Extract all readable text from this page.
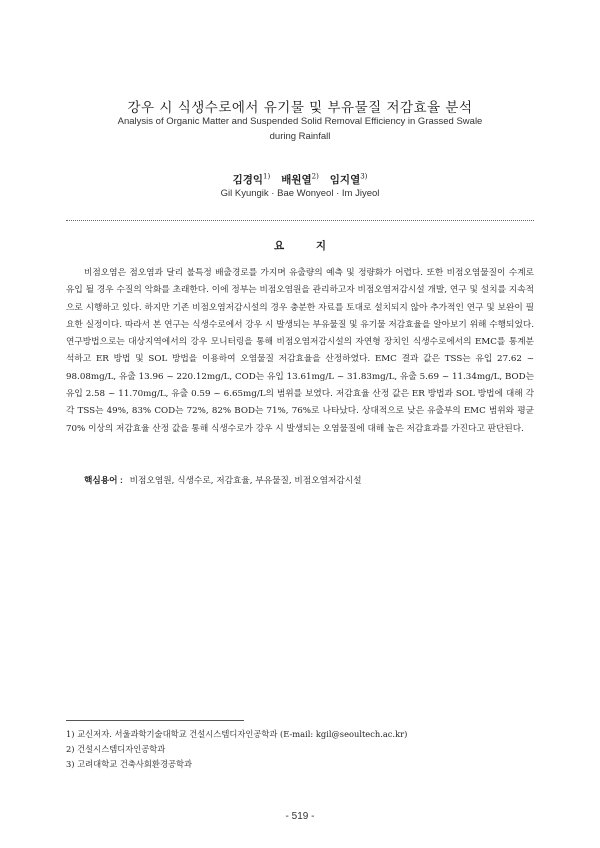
강우 시 식생수로에서 유기물 및 부유물질 저감효율 분석
Analysis of Organic Matter and Suspended Solid Removal Efficiency in Grassed Swale during Rainfall
김경익$^{1)}$ 배원열$^{2)}$ 임지열$^{3)}$
Gil Kyungik · Bae Wonyeol · Im Jiyeol
요 지
비점오염은 점오염과 달리 불특정 배출경로를 가지며 유출량의 예측 및 정량화가 어렵다. 또한 비점오염물질이 수계로 유입 될 경우 수질의 악화를 초래한다. 이에 정부는 비점오염원을 관리하고자 비점오염저감시설 개발, 연구 및 설치를 지속적으로 시행하고 있다. 하지만 기존 비점오염저감시설의 경우 충분한 자료를 토대로 설치되지 않아 추가적인 연구 및 보완이 필요한 실정이다. 따라서 본 연구는 식생수로에서 강우 시 발생되는 부유물질 및 유기물 저감효율을 알아보기 위해 수행되었다. 연구방법으로는 대상지역에서의 강우 모니터링을 통해 비점오염저감시설의 자연형 장치인 식생수로에서의 EMC를 통계분석하고 ER 방법 및 SOL 방법을 이용하여 오염물질 저감효율을 산정하였다. EMC 결과 값은 TSS는 유입 27.62 ~ 98.08mg/L, 유출 13.96 ~ 220.12mg/L, COD는 유입 13.61mg/L ~ 31.83mg/L, 유출 5.69 ~ 11.34mg/L, BOD는 유입 2.58 ~ 11.70mg/L, 유출 0.59 ~ 6.65mg/L의 범위를 보였다. 저감효율 산정 값은 ER 방법과 SOL 방법에 대해 각각 TSS는 49%, 83% COD는 72%, 82% BOD는 71%, 76%로 나타났다. 상대적으로 낮은 유출부의 EMC 범위와 평균 70% 이상의 저감효율 산정 값을 통해 식생수로가 강우 시 발생되는 오염물질에 대해 높은 저감효과를 가진다고 판단된다.
핵심용어 : 비점오염원, 식생수로, 저감효율, 부유물질, 비점오염저감시설
1) 교신저자. 서울과학기술대학교 건설시스템디자인공학과 (E-mail: kgil@seoultech.ac.kr)
2) 건설시스템디자인공학과
3) 고려대학교 건축사회환경공학과
- 519 -
